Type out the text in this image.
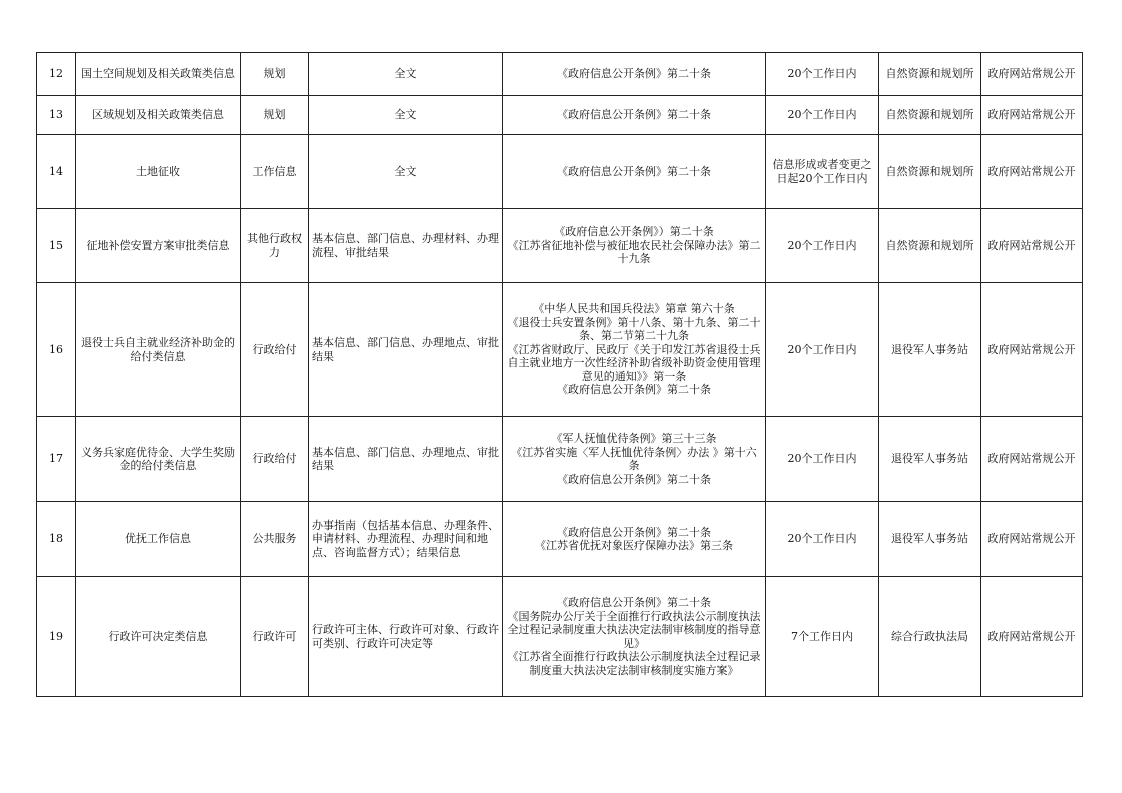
12	国土空间规划及相关政策类信息	规划	全文	《政府信息公开条例》第二十条	20个工作日内	自然资源和规划所	政府网站常规公开
13	区域规划及相关政策类信息	规划	全文	《政府信息公开条例》第二十条	20个工作日内	自然资源和规划所	政府网站常规公开
14	土地征收	工作信息	全文	《政府信息公开条例》第二十条	信息形成或者变更之日起20个工作日内	自然资源和规划所	政府网站常规公开
15	征地补偿安置方案审批类信息	其他行政权力	基本信息、部门信息、办理材料、办理流程、审批结果	《政府信息公开条例》）第二十条
《江苏省征地补偿与被征地农民社会保障办法》第二十九条	20个工作日内	自然资源和规划所	政府网站常规公开
16	退役士兵自主就业经济补助金的给付类信息	行政给付	基本信息、部门信息、办理地点、审批结果	《中华人民共和国兵役法》第章 第六十条
《退役士兵安置条例》第十八条、第十九条、第二十条、第二节第二十九条
《江苏省财政厅、民政厅《关于印发江苏省退役士兵自主就业地方一次性经济补助省级补助资金使用管理意见的通知》》第一条
《政府信息公开条例》第二十条	20个工作日内	退役军人事务站	政府网站常规公开
17	义务兵家庭优待金、大学生奖励金的给付类信息	行政给付	基本信息、部门信息、办理地点、审批结果	《军人抚恤优待条例》第三十三条
《江苏省实施〈军人抚恤优待条例〉办法 》第十六条
《政府信息公开条例》第二十条	20个工作日内	退役军人事务站	政府网站常规公开
18	优抚工作信息	公共服务	办事指南（包括基本信息、办理条件、申请材料、办理流程、办理时间和地点、咨询监督方式）；结果信息	《政府信息公开条例》第二十条
《江苏省优抚对象医疗保障办法》第三条	20个工作日内	退役军人事务站	政府网站常规公开
19	行政许可决定类信息	行政许可	行政许可主体、行政许可对象、行政许可类别、行政许可决定等	《政府信息公开条例》第二十条
《国务院办公厅关于全面推行行政执法公示制度执法全过程记录制度重大执法决定法制审核制度的指导意见》
《江苏省全面推行行政执法公示制度执法全过程记录制度重大执法决定法制审核制度实施方案》	7个工作日内	综合行政执法局	政府网站常规公开
